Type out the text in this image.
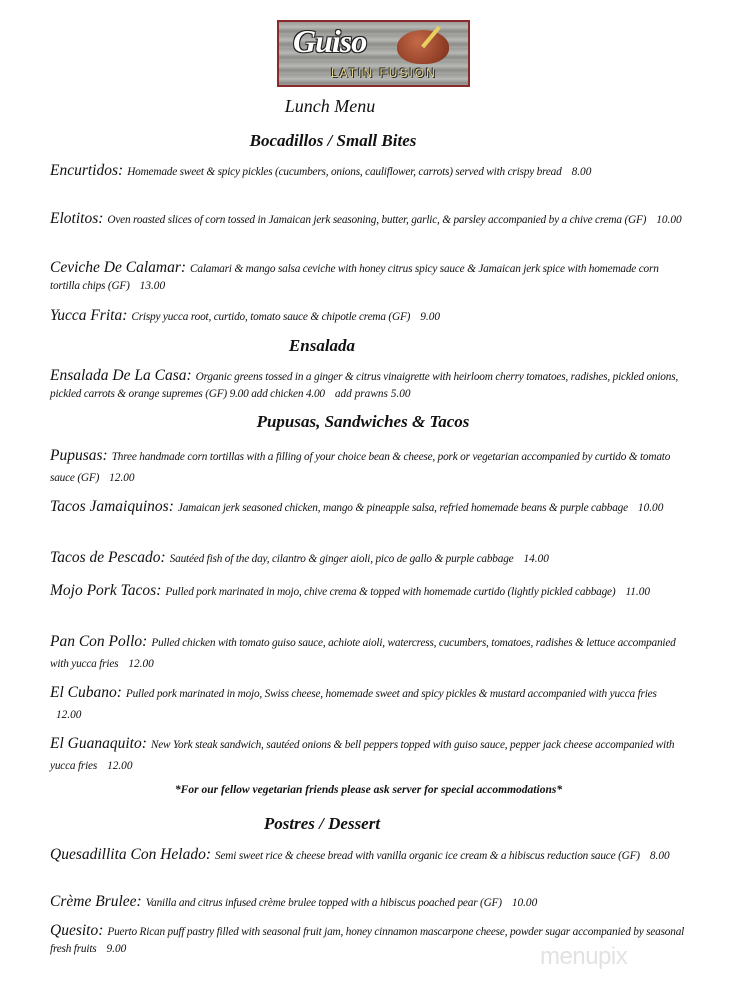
Guiso
LATIN FUSION
Lunch Menu
Bocadillos / Small Bites
Encurtidos: Homemade sweet & spicy pickles (cucumbers, onions, cauliflower, carrots) served with crispy bread 8.00
Elotitos: Oven roasted slices of corn tossed in Jamaican jerk seasoning, butter, garlic, & parsley accompanied by a chive crema (GF) 10.00
Ceviche De Calamar: Calamari & mango salsa ceviche with honey citrus spicy sauce & Jamaican jerk spice with homemade corn tortilla chips (GF) 13.00
Yucca Frita: Crispy yucca root, curtido, tomato sauce & chipotle crema (GF) 9.00
Ensalada
Ensalada De La Casa: Organic greens tossed in a ginger & citrus vinaigrette with heirloom cherry tomatoes, radishes, pickled onions, pickled carrots & orange supremes (GF) 9.00 add chicken 4.00 add prawns 5.00
Pupusas, Sandwiches & Tacos
Pupusas: Three handmade corn tortillas with a filling of your choice bean & cheese, pork or vegetarian accompanied by curtido & tomato sauce (GF) 12.00
Tacos Jamaiquinos: Jamaican jerk seasoned chicken, mango & pineapple salsa, refried homemade beans & purple cabbage 10.00
Tacos de Pescado: Sautéed fish of the day, cilantro & ginger aioli, pico de gallo & purple cabbage 14.00
Mojo Pork Tacos: Pulled pork marinated in mojo, chive crema & topped with homemade curtido (lightly pickled cabbage) 11.00
Pan Con Pollo: Pulled chicken with tomato guiso sauce, achiote aioli, watercress, cucumbers, tomatoes, radishes & lettuce accompanied with yucca fries 12.00
El Cubano: Pulled pork marinated in mojo, Swiss cheese, homemade sweet and spicy pickles & mustard accompanied with yucca fries 12.00
El Guanaquito: New York steak sandwich, sautéed onions & bell peppers topped with guiso sauce, pepper jack cheese accompanied with yucca fries 12.00
Postres / Dessert
Quesadillita Con Helado: Semi sweet rice & cheese bread with vanilla organic ice cream & a hibiscus reduction sauce (GF) 8.00
Crème Brulee: Vanilla and citrus infused crème brulee topped with a hibiscus poached pear (GF) 10.00
Quesito: Puerto Rican puff pastry filled with seasonal fruit jam, honey cinnamon mascarpone cheese, powder sugar accompanied by seasonal fresh fruits 9.00
*For our fellow vegetarian friends please ask server for special accommodations*
menupix
